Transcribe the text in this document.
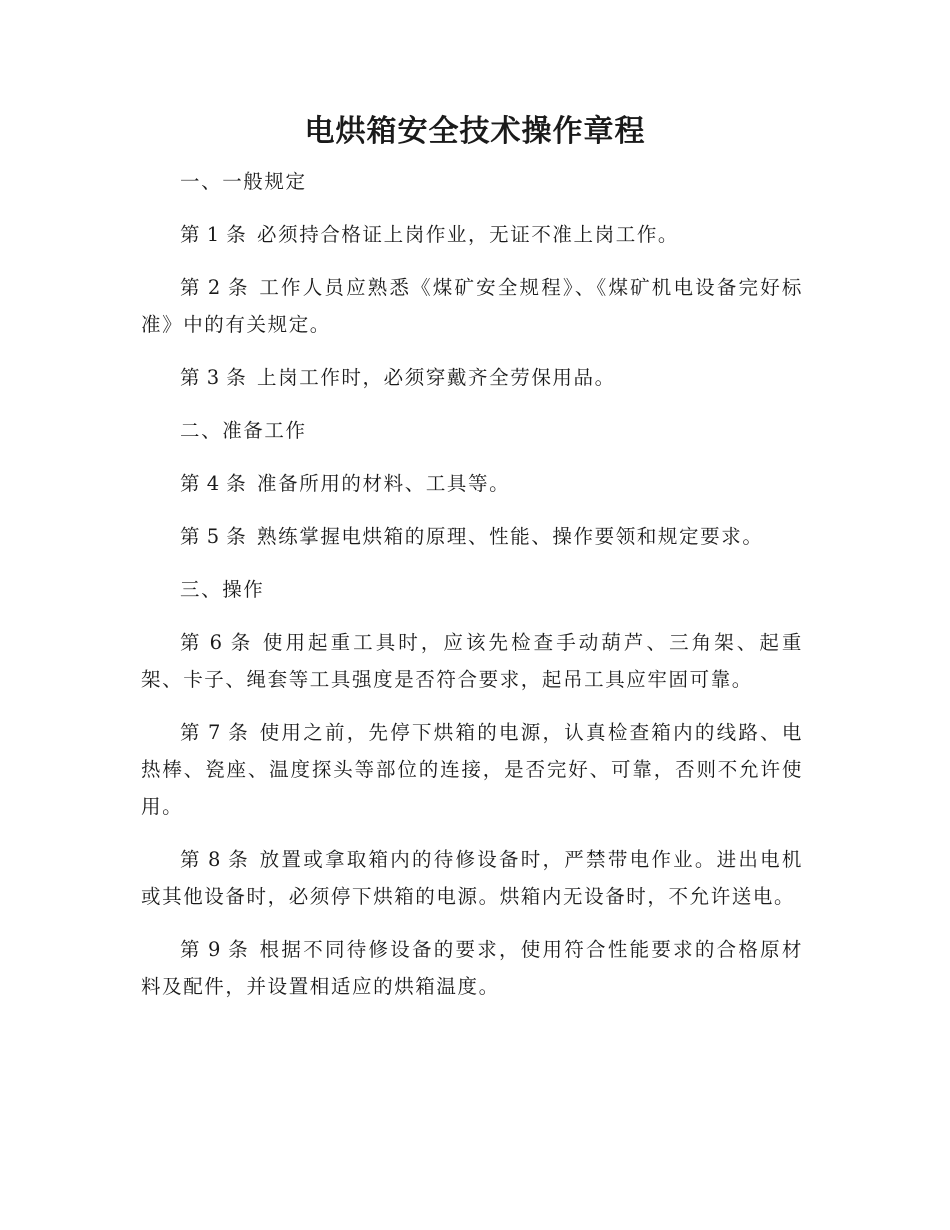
电烘箱安全技术操作章程

一、一般规定

第 1 条 必须持合格证上岗作业，无证不准上岗工作。

第 2 条 工作人员应熟悉《煤矿安全规程》、《煤矿机电设备完好标准》中的有关规定。

第 3 条 上岗工作时，必须穿戴齐全劳保用品。

二、准备工作

第 4 条 准备所用的材料、工具等。

第 5 条 熟练掌握电烘箱的原理、性能、操作要领和规定要求。

三、操作

第 6 条 使用起重工具时，应该先检查手动葫芦、三角架、起重架、卡子、绳套等工具强度是否符合要求，起吊工具应牢固可靠。

第 7 条 使用之前，先停下烘箱的电源，认真检查箱内的线路、电热棒、瓷座、温度探头等部位的连接，是否完好、可靠，否则不允许使用。

第 8 条 放置或拿取箱内的待修设备时，严禁带电作业。进出电机或其他设备时，必须停下烘箱的电源。烘箱内无设备时，不允许送电。

第 9 条 根据不同待修设备的要求，使用符合性能要求的合格原材料及配件，并设置相适应的烘箱温度。
